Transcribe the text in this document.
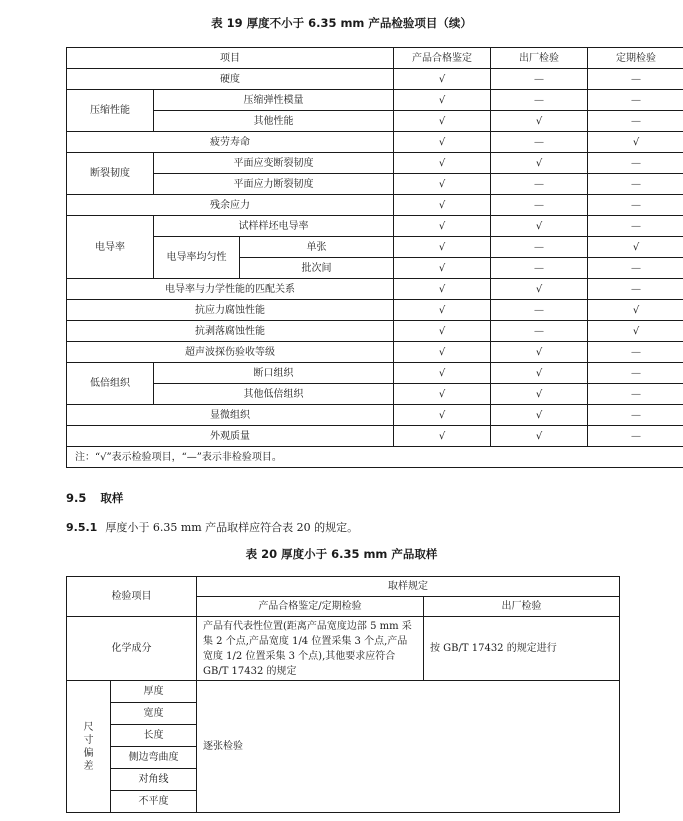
表 19 厚度不小于 6.35 mm 产品检验项目（续）
项目			产品合格鉴定	出厂检验	定期检验
硬度			√	—	—
压缩性能	压缩弹性模量		√	—	—
	其他性能		√	√	—
疲劳寿命			√	—	√
断裂韧度	平面应变断裂韧度		√	√	—
	平面应力断裂韧度		√	—	—
残余应力			√	—	—
电导率	试样样坯电导率		√	√	—
	电导率均匀性	单张	√	—	√
		批次间	√	—	—
电导率与力学性能的匹配关系			√	√	—
抗应力腐蚀性能			√	—	√
抗剥落腐蚀性能			√	—	√
超声波探伤验收等级			√	√	—
低倍组织	断口组织		√	√	—
	其他低倍组织		√	√	—
显微组织			√	√	—
外观质量			√	√	—
注：“√”表示检验项目，“—”表示非检验项目。					
9.5 取样
9.5.1 厚度小于 6.35 mm 产品取样应符合表 20 的规定。
表 20 厚度小于 6.35 mm 产品取样
检验项目		取样规定	
		产品合格鉴定/定期检验	出厂检验
化学成分		产品有代表性位置(距离产品宽度边部 5 mm 采集 2 个点,产品宽度 1/4 位置采集 3 个点,产品宽度 1/2 位置采集 3 个点),其他要求应符合 GB/T 17432 的规定	按 GB/T 17432 的规定进行
尺寸偏差	厚度	逐张检验	
	宽度		
	长度		
	侧边弯曲度		
	对角线		
	不平度		
